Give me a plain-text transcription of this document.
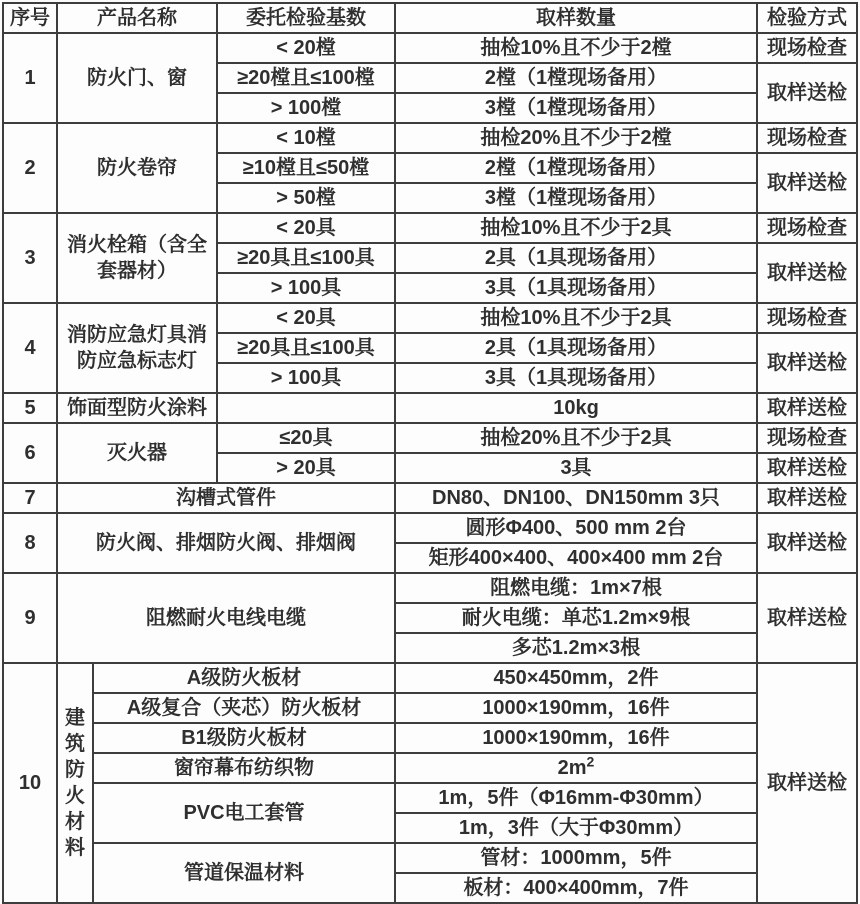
序号	产品名称		委托检验基数	取样数量	检验方式
1	防火门、窗		< 20樘	抽检10%且不少于2樘	现场检查
			≥20樘且≤100樘	2樘（1樘现场备用）	取样送检
			> 100樘	3樘（1樘现场备用）	
2	防火卷帘		< 10樘	抽检20%且不少于2樘	现场检查
			≥10樘且≤50樘	2樘（1樘现场备用）	取样送检
			> 50樘	3樘（1樘现场备用）	
3	消火栓箱（含全套器材）		< 20具	抽检10%且不少于2具	现场检查
			≥20具且≤100具	2具（1具现场备用）	取样送检
			> 100具	3具（1具现场备用）	
4	消防应急灯具消防应急标志灯		< 20具	抽检10%且不少于2具	现场检查
			≥20具且≤100具	2具（1具现场备用）	取样送检
			> 100具	3具（1具现场备用）	
5	饰面型防火涂料			10kg	取样送检
6	灭火器		≤20具	抽检20%且不少于2具	现场检查
			> 20具	3具	取样送检
7	沟槽式管件			DN80、DN100、DN150mm 3只	取样送检
8	防火阀、排烟防火阀、排烟阀			圆形Φ400、500 mm 2台	取样送检
				矩形400×400、400×400 mm 2台	
9	阻燃耐火电线电缆			阻燃电缆：1m×7根	取样送检
				耐火电缆：单芯1.2m×9根	
				多芯1.2m×3根	
10	建筑防火材料	A级防火板材		450×450mm，2件	取样送检
		A级复合（夹芯）防火板材		1000×190mm，16件	
		B1级防火板材		1000×190mm，16件	
		窗帘幕布纺织物		$2m^2$
		PVC电工套管		1m，5件（Φ16mm-Φ30mm）	
				1m，3件（大于Φ30mm）	
		管道保温材料		管材：1000mm，5件	
				板材：400×400mm，7件	
